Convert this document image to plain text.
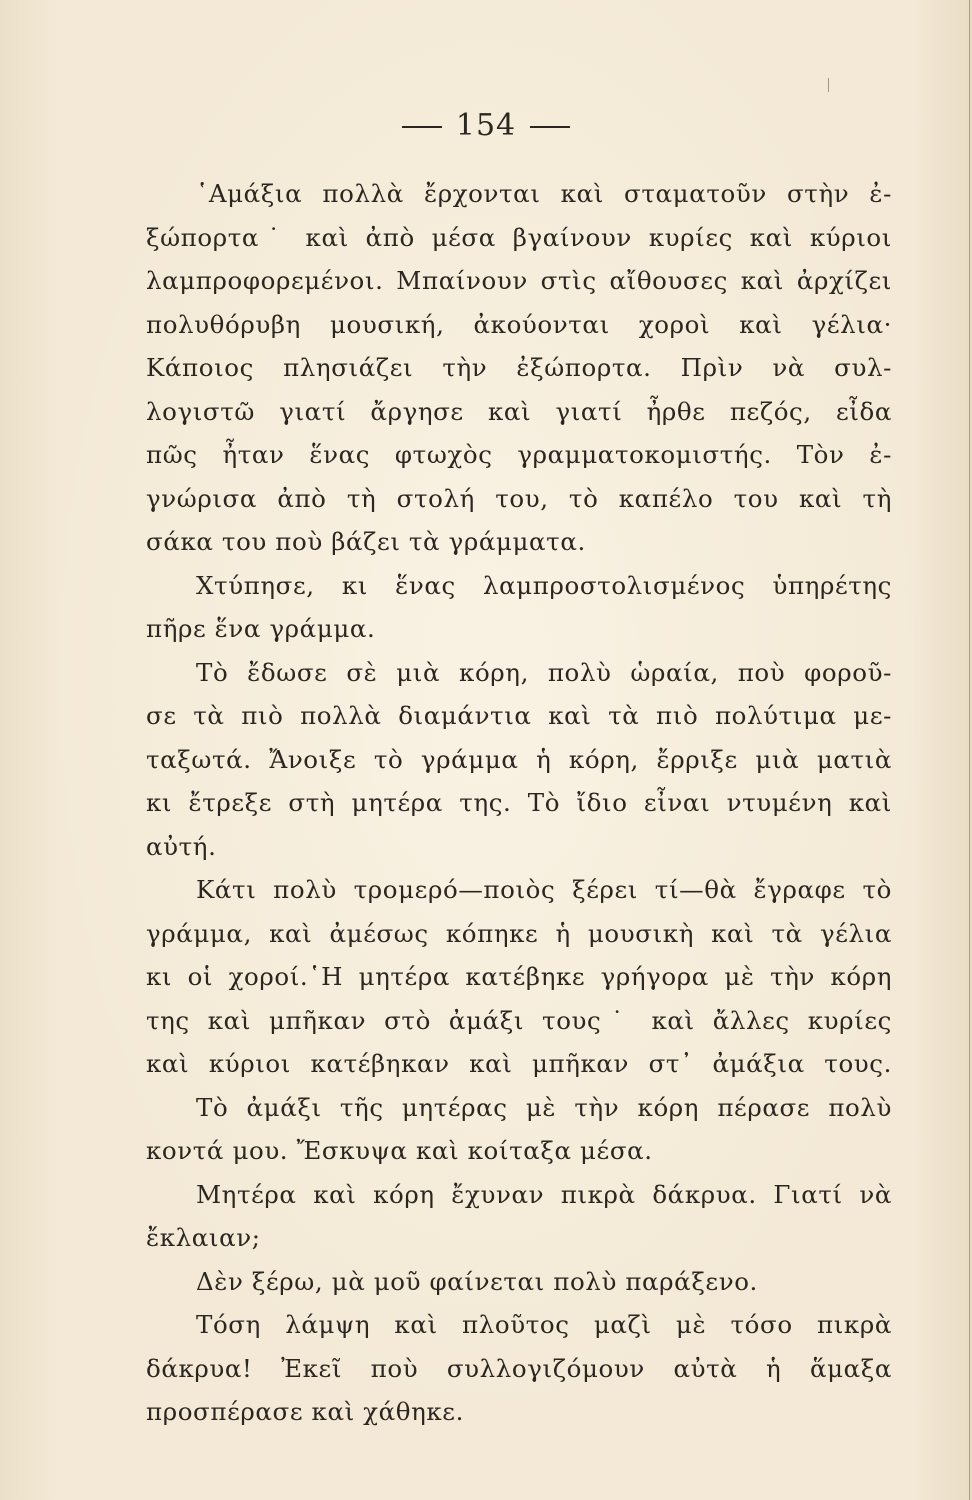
154
῾Αμάξια πολλὰ ἔρχονται καὶ σταματοῦν στὴν ἐ-
ξώπορτα˙ καὶ ἀπὸ μέσα βγαίνουν κυρίες καὶ κύριοι
λαμπροφορεμένοι. Μπαίνουν στὶς αἴθουσες καὶ ἀρχίζει
πολυθόρυβη μουσική, ἀκούονται χοροὶ καὶ γέλια·
Κάποιος πλησιάζει τὴν ἐξώπορτα. Πρὶν νὰ συλ-
λογιστῶ γιατί ἄργησε καὶ γιατί ἦρθε πεζός, εἶδα
πῶς ἦταν ἕνας φτωχὸς γραμματοκομιστής. Τὸν ἐ-
γνώρισα ἀπὸ τὴ στολή του, τὸ καπέλο του καὶ τὴ
σάκα του ποὺ βάζει τὰ γράμματα.
Χτύπησε, κι ἕνας λαμπροστολισμένος ὑπηρέτης
πῆρε ἕνα γράμμα.
Τὸ ἔδωσε σὲ μιὰ κόρη, πολὺ ὡραία, ποὺ φοροῦ-
σε τὰ πιὸ πολλὰ διαμάντια καὶ τὰ πιὸ πολύτιμα με-
ταξωτά. Ἄνοιξε τὸ γράμμα ἡ κόρη, ἔρριξε μιὰ ματιὰ
κι ἔτρεξε στὴ μητέρα της. Τὸ ἴδιο εἶναι ντυμένη καὶ
αὐτή.
Κάτι πολὺ τρομερό—ποιὸς ξέρει τί—θὰ ἔγραφε τὸ
γράμμα, καὶ ἀμέσως κόπηκε ἡ μουσικὴ καὶ τὰ γέλια
κι οἱ χοροί.῾Η μητέρα κατέβηκε γρήγορα μὲ τὴν κόρη
της καὶ μπῆκαν στὸ ἀμάξι τους˙ καὶ ἄλλες κυρίες
καὶ κύριοι κατέβηκαν καὶ μπῆκαν στ᾿ ἀμάξια τους.
Τὸ ἀμάξι τῆς μητέρας μὲ τὴν κόρη πέρασε πολὺ
κοντά μου. Ἔσκυψα καὶ κοίταξα μέσα.
Μητέρα καὶ κόρη ἔχυναν πικρὰ δάκρυα. Γιατί νὰ
ἔκλαιαν;
Δὲν ξέρω, μὰ μοῦ φαίνεται πολὺ παράξενο.
Τόση λάμψη καὶ πλοῦτος μαζὶ μὲ τόσο πικρὰ
δάκρυα! Ἐκεῖ ποὺ συλλογιζόμουν αὐτὰ ἡ ἅμαξα
προσπέρασε καὶ χάθηκε.
